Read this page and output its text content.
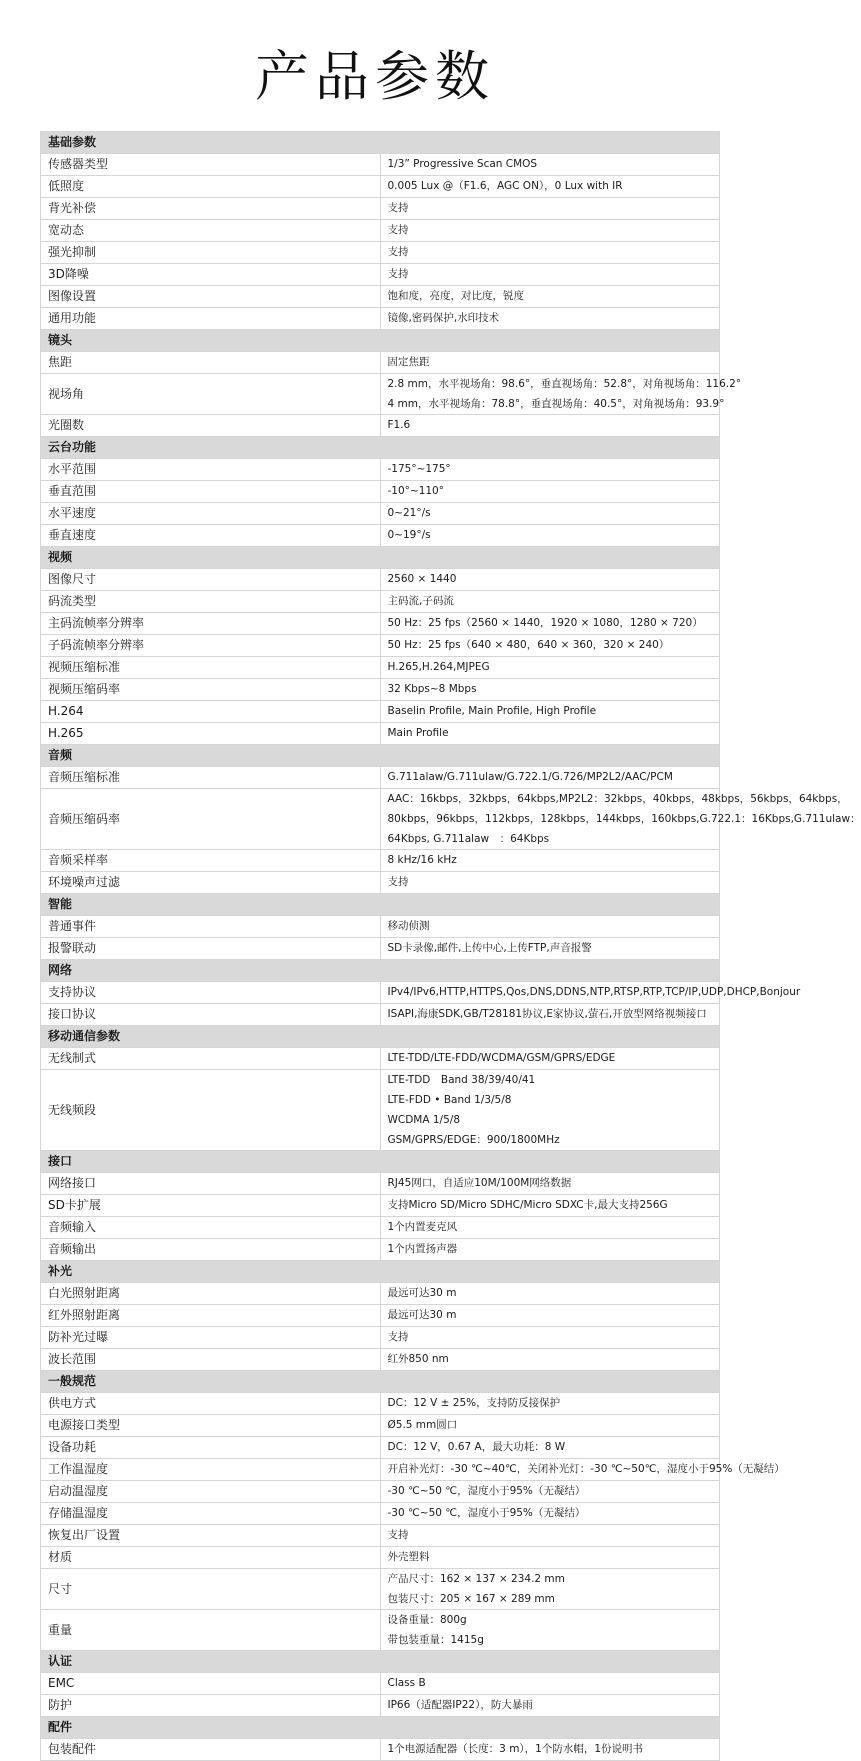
产品参数
基础参数	
传感器类型	1/3” Progressive Scan CMOS
低照度	0.005 Lux @（F1.6，AGC ON），0 Lux with IR
背光补偿	支持
宽动态	支持
强光抑制	支持
3D降噪	支持
图像设置	饱和度，亮度，对比度，锐度
通用功能	镜像,密码保护,水印技术
镜头	
焦距	固定焦距
视场角	2.8 mm，水平视场角：98.6°，垂直视场角：52.8°，对角视场角：116.2°
4 mm，水平视场角：78.8°，垂直视场角：40.5°，对角视场角：93.9°

光圈数	F1.6
云台功能	
水平范围	-175°~175°
垂直范围	-10°~110°
水平速度	0~21°/s
垂直速度	0~19°/s
视频	
图像尺寸	2560 × 1440
码流类型	主码流,子码流
主码流帧率分辨率	50 Hz：25 fps（2560 × 1440，1920 × 1080，1280 × 720）
子码流帧率分辨率	50 Hz：25 fps（640 × 480，640 × 360，320 × 240）
视频压缩标准	H.265,H.264,MJPEG
视频压缩码率	32 Kbps~8 Mbps
H.264	Baselin Profile, Main Profile, High Profile
H.265	Main Profile
音频	
音频压缩标准	G.711alaw/G.711ulaw/G.722.1/G.726/MP2L2/AAC/PCM
音频压缩码率	AAC：16kbps，32kbps，64kbps,MP2L2：32kbps，40kbps，48kbps，56kbps，64kbps，
80kbps，96kbps，112kbps，128kbps，144kbps，160kbps,G.722.1：16Kbps,G.711ulaw：
64Kbps, G.711alaw　：64Kbps

音频采样率	8 kHz/16 kHz
环境噪声过滤	支持
智能	
普通事件	移动侦测
报警联动	SD卡录像,邮件,上传中心,上传FTP,声音报警
网络	
支持协议	IPv4/IPv6,HTTP,HTTPS,Qos,DNS,DDNS,NTP,RTSP,RTP,TCP/IP,UDP,DHCP,Bonjour
接口协议	ISAPI,海康SDK,GB/T28181协议,E家协议,萤石,开放型网络视频接口
移动通信参数	
无线制式	LTE-TDD/LTE-FDD/WCDMA/GSM/GPRS/EDGE
无线频段	LTE-TDD　Band 38/39/40/41
LTE-FDD • Band 1/3/5/8
WCDMA 1/5/8
GSM/GPRS/EDGE：900/1800MHz

接口	
网络接口	RJ45网口，自适应10M/100M网络数据
SD卡扩展	支持Micro SD/Micro SDHC/Micro SDXC卡,最大支持256G
音频输入	1个内置麦克风
音频输出	1个内置扬声器
补光	
白光照射距离	最远可达30 m
红外照射距离	最远可达30 m
防补光过曝	支持
波长范围	红外850 nm
一般规范	
供电方式	DC：12 V ± 25%，支持防反接保护
电源接口类型	Ø5.5 mm圆口
设备功耗	DC：12 V，0.67 A，最大功耗：8 W
工作温湿度	开启补光灯：-30 ℃~40℃，关闭补光灯：-30 ℃~50℃，湿度小于95%（无凝结）
启动温湿度	-30 ℃~50 ℃，湿度小于95%（无凝结）
存储温湿度	-30 ℃~50 ℃，湿度小于95%（无凝结）
恢复出厂设置	支持
材质	外壳塑料
尺寸	产品尺寸：162 × 137 × 234.2 mm
包装尺寸：205 × 167 × 289 mm

重量	设备重量：800g
带包装重量：1415g

认证	
EMC	Class B
防护	IP66（适配器IP22），防大暴雨
配件	
包装配件	1个电源适配器（长度：3 m），1个防水帽，1份说明书
